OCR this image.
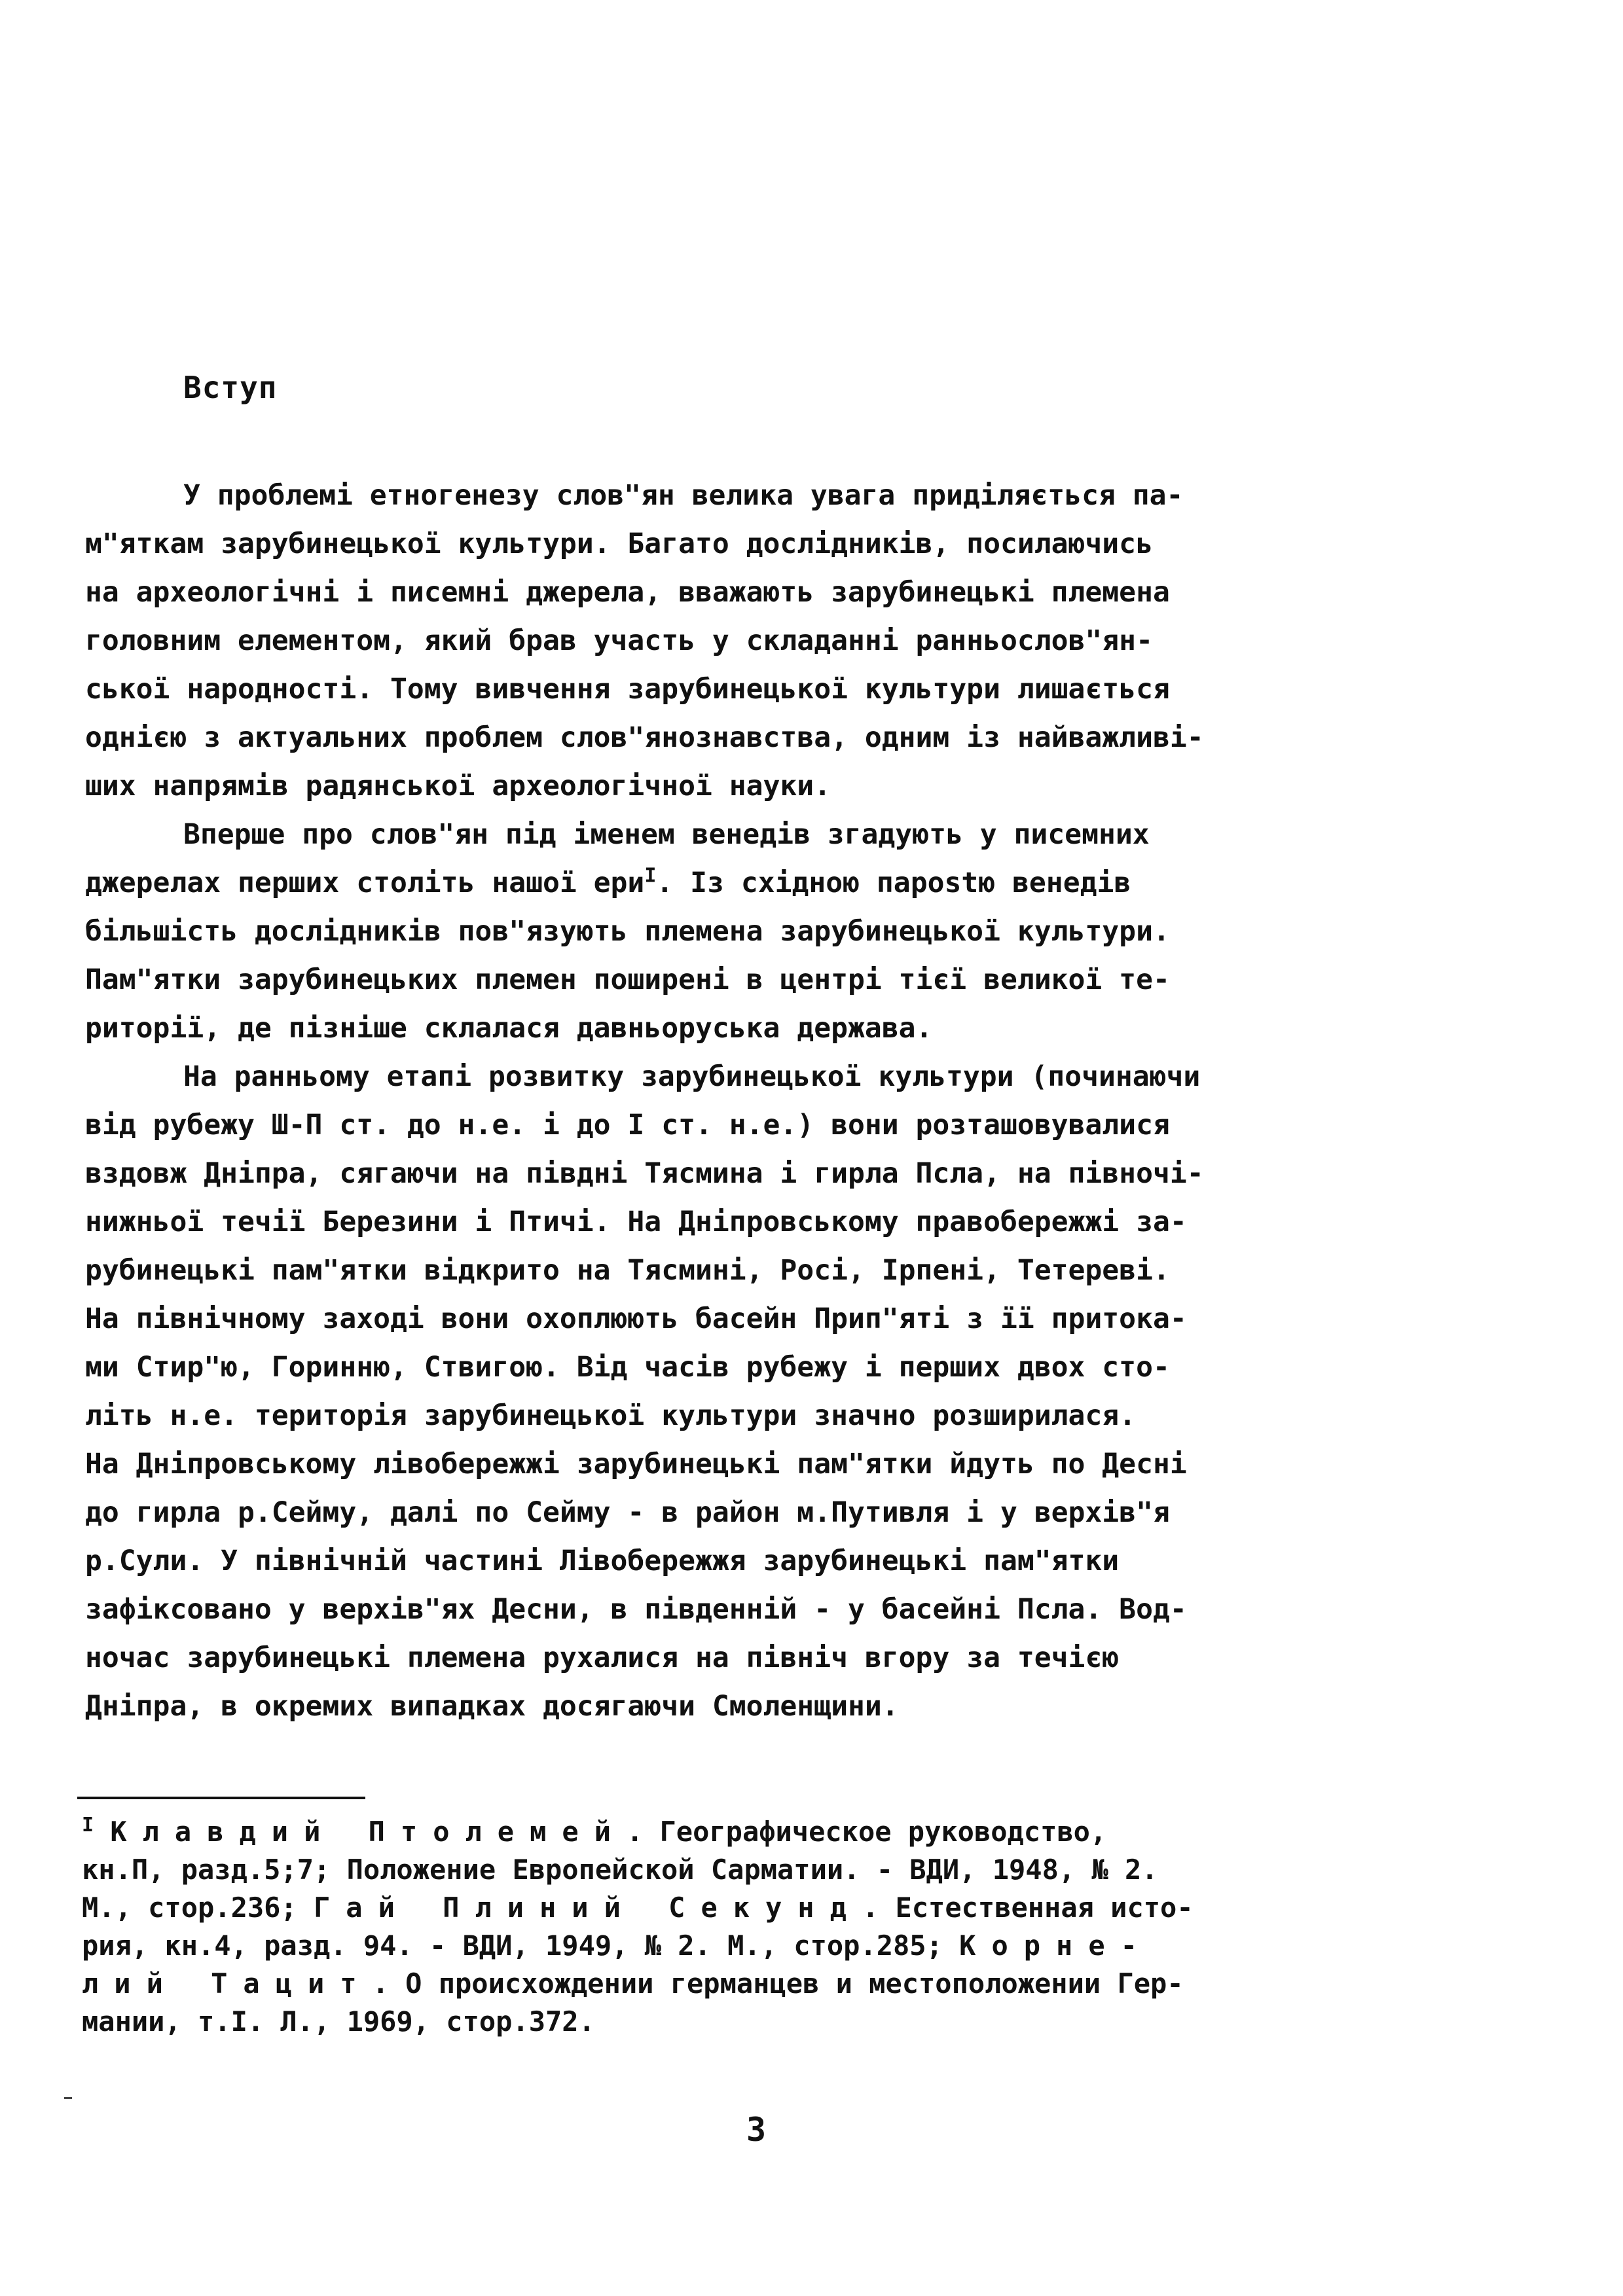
Вступ
У проблемі етногенезу слов"ян велика увага приділяється па-
м"яткам зарубинецької культури. Багато дослідників, посилаючись
на археологічні і писемні джерела, вважають зарубинецькі племена
головним елементом, який брав участь у складанні ранньослов"ян-
ської народності. Тому вивчення зарубинецької культури лишається
однією з актуальних проблем слов"янознавства, одним із найважливі-
ших напрямів радянської археологічної науки.
Вперше про слов"ян під іменем венедів згадують у писемних
джерелах перших століть нашої ери$^I$. Із східною парostю венедів
більшість дослідників пов"язують племена зарубинецької культури.
Пам"ятки зарубинецьких племен поширені в центрі тієї великої те-
риторії, де пізніше склалася давньоруська держава.
На ранньому етапі розвитку зарубинецької культури (починаючи
від рубежу Ш-П ст. до н.е. і до I ст. н.е.) вони розташовувалися
вздовж Дніпра, сягаючи на півдні Тясмина і гирла Псла, на півночі-
нижньої течії Березини і Птичі. На Дніпровському правобережжі за-
рубинецькі пам"ятки відкрито на Тясмині, Росі, Ірпені, Тетереві.
На північному заході вони охоплюють басейн Прип"яті з її притока-
ми Стир"ю, Горинню, Ствигою. Від часів рубежу і перших двох сто-
літь н.е. територія зарубинецької культури значно розширилася.
На Дніпровському лівобережжі зарубинецькі пам"ятки йдуть по Десні
до гирла р.Сейму, далі по Сейму - в район м.Путивля і у верхів"я
р.Сули. У північній частині Лівобережжя зарубинецькі пам"ятки
зафіксовано у верхів"ях Десни, в південній - у басейні Псла. Вод-
ночас зарубинецькі племена рухалися на північ вгору за течією
Дніпра, в окремих випадках досягаючи Смоленщини.
$^I$ Клавдий Птолемей. Географическое руководство,
кн.П, разд.5;7; Положение Европейской Сарматии. - ВДИ, 1948, № 2.
М., стор.236; Гай Плиний Секунд. Естественная исто-
рия, кн.4, разд. 94. - ВДИ, 1949, № 2. М., стор.285; Корне-
лий Тацит. О происхождении германцев и местоположении Гер-
мании, т.I. Л., 1969, стор.372.
3
